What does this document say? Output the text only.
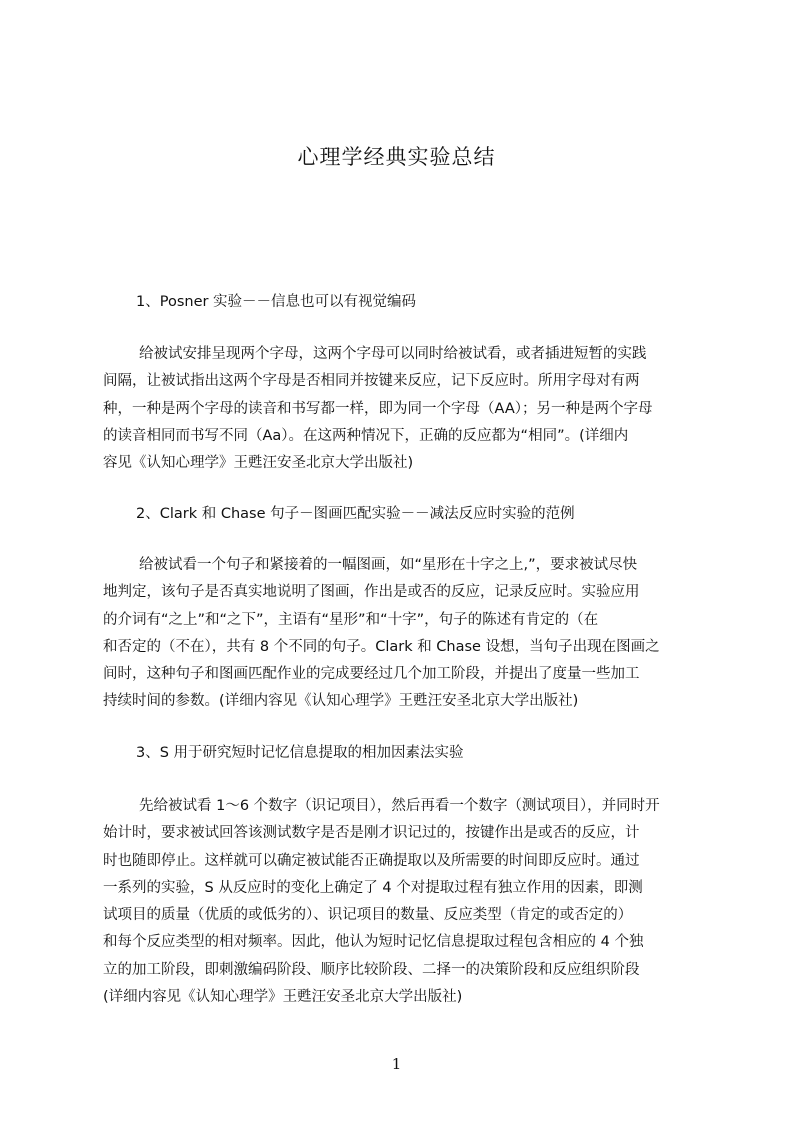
心理学经典实验总结
1、Posner 实验－－信息也可以有视觉编码
给被试安排呈现两个字母，这两个字母可以同时给被试看，或者插进短暂的实践
间隔，让被试指出这两个字母是否相同并按键来反应，记下反应时。所用字母对有两
种，一种是两个字母的读音和书写都一样，即为同一个字母（AA）；另一种是两个字母
的读音相同而书写不同（Aa）。在这两种情况下，正确的反应都为“相同”。(详细内
容见《认知心理学》王甦汪安圣北京大学出版社)
2、Clark 和 Chase 句子－图画匹配实验－－减法反应时实验的范例
给被试看一个句子和紧接着的一幅图画，如“星形在十字之上,”，要求被试尽快
地判定，该句子是否真实地说明了图画，作出是或否的反应，记录反应时。实验应用
的介词有“之上”和“之下”，主语有“星形”和“十字”，句子的陈述有肯定的（在
和否定的（不在），共有 8 个不同的句子。Clark 和 Chase 设想，当句子出现在图画之
间时，这种句子和图画匹配作业的完成要经过几个加工阶段，并提出了度量一些加工
持续时间的参数。(详细内容见《认知心理学》王甦汪安圣北京大学出版社)
3、S 用于研究短时记忆信息提取的相加因素法实验
先给被试看 1～6 个数字（识记项目），然后再看一个数字（测试项目），并同时开
始计时，要求被试回答该测试数字是否是刚才识记过的，按键作出是或否的反应，计
时也随即停止。这样就可以确定被试能否正确提取以及所需要的时间即反应时。通过
一系列的实验，S 从反应时的变化上确定了 4 个对提取过程有独立作用的因素，即测
试项目的质量（优质的或低劣的）、识记项目的数量、反应类型（肯定的或否定的）
和每个反应类型的相对频率。因此，他认为短时记忆信息提取过程包含相应的 4 个独
立的加工阶段，即刺激编码阶段、顺序比较阶段、二择一的决策阶段和反应组织阶段
(详细内容见《认知心理学》王甦汪安圣北京大学出版社)
1
